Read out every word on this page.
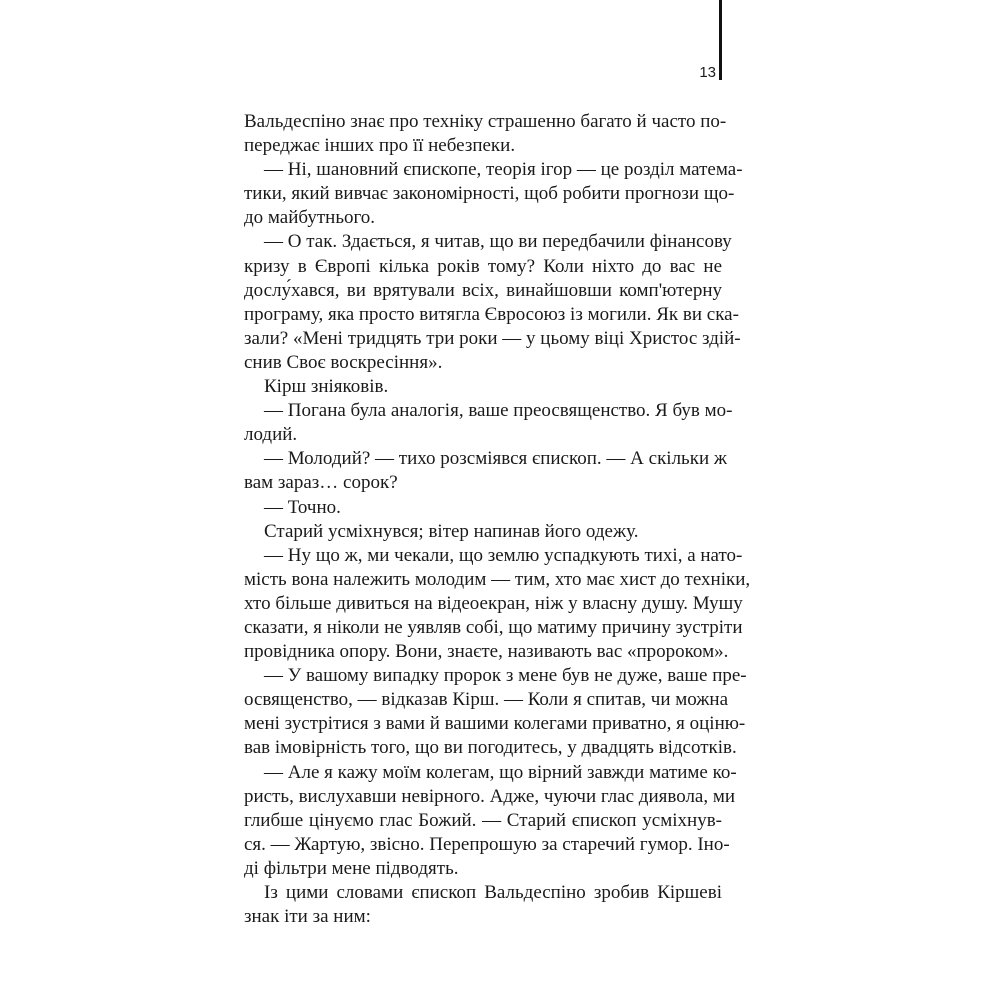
13
Вальдеспіно знає про техніку страшенно багато й часто по-
переджає інших про її небезпеки.
— Ні, шановний єпископе, теорія ігор — це розділ матема-
тики, який вивчає закономірності, щоб робити прогнози що-
до майбутнього.
— О так. Здається, я читав, що ви передбачили фінансову
кризу в Європі кілька років тому? Коли ніхто до вас не
дослу́хався, ви врятували всіх, винайшовши комп'ютерну
програму, яка просто витягла Євросоюз із могили. Як ви ска-
зали? «Мені тридцять три роки — у цьому віці Христос здій-
снив Своє воскресіння».
Кірш зніяковів.
— Погана була аналогія, ваше преосвященство. Я був мо-
лодий.
— Молодий? — тихо розсміявся єпископ. — А скільки ж
вам зараз… сорок?
— Точно.
Старий усміхнувся; вітер напинав його одежу.
— Ну що ж, ми чекали, що землю успадкують тихі, а нато-
мість вона належить молодим — тим, хто має хист до техніки,
хто більше дивиться на відеоекран, ніж у власну душу. Мушу
сказати, я ніколи не уявляв собі, що матиму причину зустріти
провідника опору. Вони, знаєте, називають вас «пророком».
— У вашому випадку пророк з мене був не дуже, ваше пре-
освященство, — відказав Кірш. — Коли я спитав, чи можна
мені зустрітися з вами й вашими колегами приватно, я оціню-
вав імовірність того, що ви погодитесь, у двадцять відсотків.
— Але я кажу моїм колегам, що вірний завжди матиме ко-
ристь, вислухавши невірного. Адже, чуючи глас диявола, ми
глибше цінуємо глас Божий. — Старий єпископ усміхнув-
ся. — Жартую, звісно. Перепрошую за старечий гумор. Іно-
ді фільтри мене підводять.
Із цими словами єпископ Вальдеспіно зробив Кіршеві
знак іти за ним:
